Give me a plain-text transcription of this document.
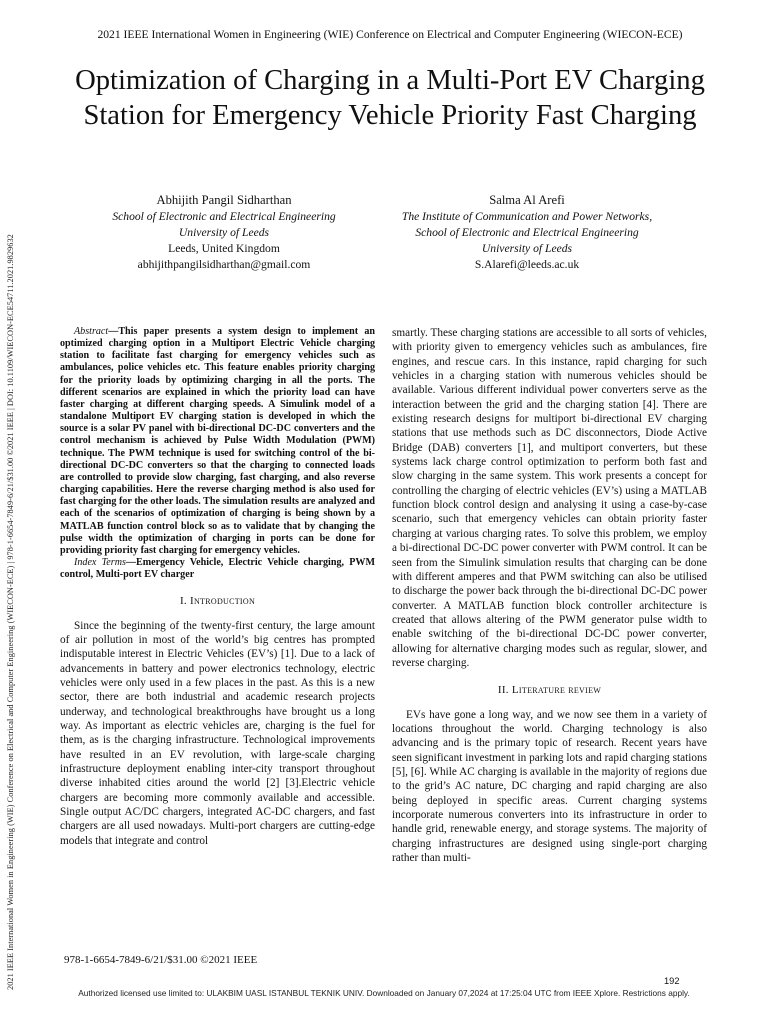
2021 IEEE International Women in Engineering (WIE) Conference on Electrical and Computer Engineering (WIECON-ECE) | 978-1-6654-7849-6/21/$31.00 ©2021 IEEE | DOI: 10.1109/WIECON-ECE54711.2021.9829632
2021 IEEE International Women in Engineering (WIE) Conference on Electrical and Computer Engineering (WIECON-ECE)
Optimization of Charging in a Multi-Port EV Charging Station for Emergency Vehicle Priority Fast Charging
Abhijith Pangil Sidharthan
School of Electronic and Electrical Engineering
University of Leeds
Leeds, United Kingdom
abhijithpangilsidharthan@gmail.com
Salma Al Arefi
The Institute of Communication and Power Networks,
School of Electronic and Electrical Engineering
University of Leeds
S.Alarefi@leeds.ac.uk

Abstract—This paper presents a system design to implement an optimized charging option in a Multiport Electric Vehicle charging station to facilitate fast charging for emergency vehicles such as ambulances, police vehicles etc. This feature enables priority charging for the priority loads by optimizing charging in all the ports. The different scenarios are explained in which the priority load can have faster charging at different charging speeds. A Simulink model of a standalone Multiport EV charging station is developed in which the source is a solar PV panel with bi-directional DC-DC converters and the control mechanism is achieved by Pulse Width Modulation (PWM) technique. The PWM technique is used for switching control of the bi-directional DC-DC converters so that the charging to connected loads are controlled to provide slow charging, fast charging, and also reverse charging capabilities. Here the reverse charging method is also used for fast charging for the other loads. The simulation results are analyzed and each of the scenarios of optimization of charging is being shown by a MATLAB function control block so as to validate that by changing the pulse width the optimization of charging in ports can be done for providing priority fast charging for emergency vehicles.

Index Terms—Emergency Vehicle, Electric Vehicle charging, PWM control, Multi-port EV charger

I. Introduction

Since the beginning of the twenty-first century, the large amount of air pollution in most of the world’s big centres has prompted indisputable interest in Electric Vehicles (EV’s) [1]. Due to a lack of advancements in battery and power electronics technology, electric vehicles were only used in a few places in the past. As this is a new sector, there are both industrial and academic research projects underway, and technological breakthroughs have brought us a long way. As important as electric vehicles are, charging is the fuel for them, as is the charging infrastructure. Technological improvements have resulted in an EV revolution, with large-scale charging infrastructure deployment enabling inter-city transport throughout diverse inhabited cities around the world [2] [3].Electric vehicle chargers are becoming more commonly available and accessible. Single output AC/DC chargers, integrated AC-DC chargers, and fast chargers are all used nowadays. Multi-port chargers are cutting-edge models that integrate and control

smartly. These charging stations are accessible to all sorts of vehicles, with priority given to emergency vehicles such as ambulances, fire engines, and rescue cars. In this instance, rapid charging for such vehicles in a charging station with numerous vehicles should be available. Various different individual power converters serve as the interaction between the grid and the charging station [4]. There are existing research designs for multiport bi-directional EV charging stations that use methods such as DC disconnectors, Diode Active Bridge (DAB) converters [1], and multiport converters, but these systems lack charge control optimization to perform both fast and slow charging in the same system. This work presents a concept for controlling the charging of electric vehicles (EV’s) using a MATLAB function block control design and analysing it using a case-by-case scenario, such that emergency vehicles can obtain priority faster charging at various charging rates. To solve this problem, we employ a bi-directional DC-DC power converter with PWM control. It can be seen from the Simulink simulation results that charging can be done with different amperes and that PWM switching can also be utilised to discharge the power back through the bi-directional DC-DC power converter. A MATLAB function block controller architecture is created that allows altering of the PWM generator pulse width to enable switching of the bi-directional DC-DC power converter, allowing for alternative charging modes such as regular, slower, and reverse charging.

II. Literature review

EVs have gone a long way, and we now see them in a variety of locations throughout the world. Charging technology is also advancing and is the primary topic of research. Recent years have seen significant investment in parking lots and rapid charging stations [5], [6]. While AC charging is available in the majority of regions due to the grid’s AC nature, DC charging and rapid charging are also being deployed in specific areas. Current charging systems incorporate numerous converters into its infrastructure in order to handle grid, renewable energy, and storage systems. The majority of charging infrastructures are designed using single-port charging rather than multi-

978-1-6654-7849-6/21/$31.00 ©2021 IEEE
192
Authorized licensed use limited to: ULAKBIM UASL ISTANBUL TEKNIK UNIV. Downloaded on January 07,2024 at 17:25:04 UTC from IEEE Xplore. Restrictions apply.
